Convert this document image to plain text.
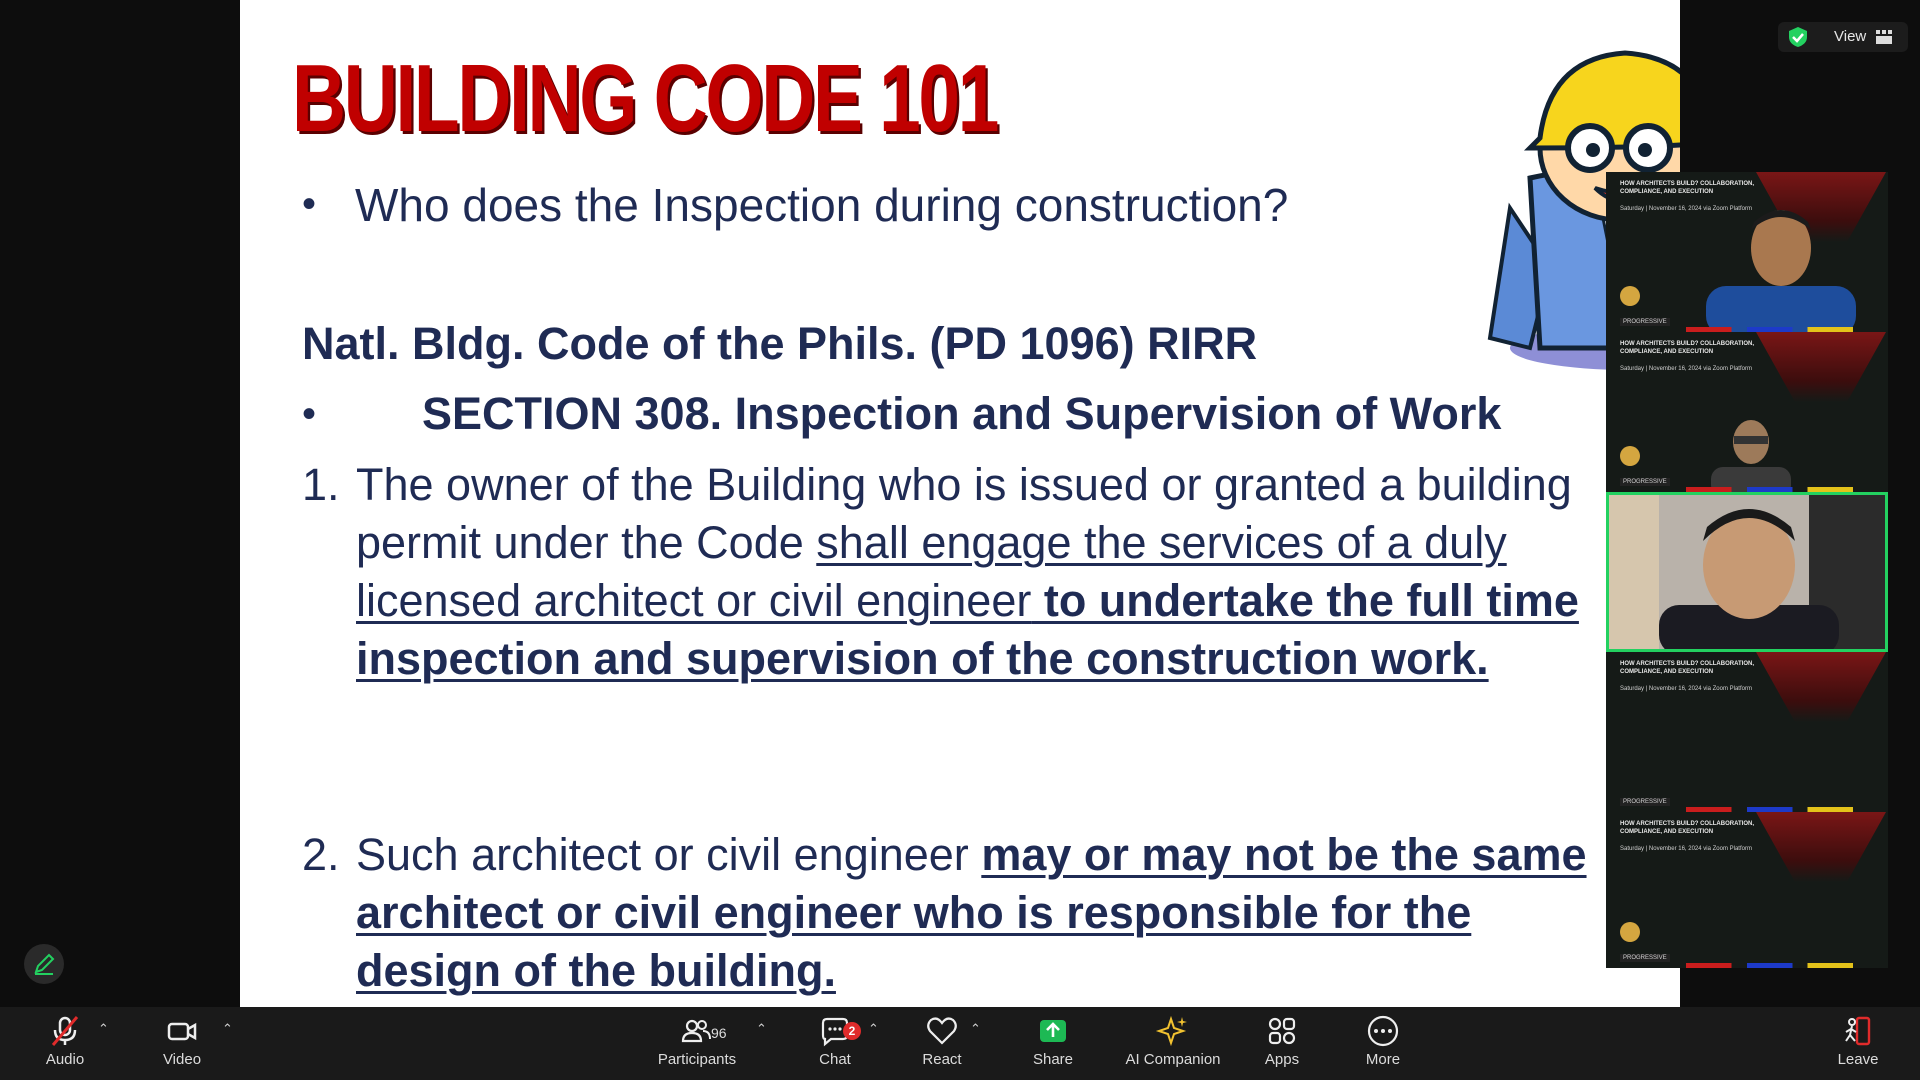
BUILDING CODE 101
• Who does the Inspection during construction?
Natl. Bldg. Code of the Phils. (PD 1096) RIRR
• SECTION 308. Inspection and Supervision of Work
1. The owner of the Building who is issued or granted a building permit under the Code shall engage the services of a duly licensed architect or civil engineer to undertake the full time inspection and supervision of the construction work.
2. Such architect or civil engineer may or may not be the same architect or civil engineer who is responsible for the design of the building.
View
HOW ARCHITECTS BUILD? COLLABORATION, COMPLIANCE, AND EXECUTION
Saturday | November 16, 2024 via Zoom Platform
PROGRESSIVE
HOW ARCHITECTS BUILD? COLLABORATION, COMPLIANCE, AND EXECUTION
Saturday | November 16, 2024 via Zoom Platform
PROGRESSIVE
HOW ARCHITECTS BUILD? COLLABORATION, COMPLIANCE, AND EXECUTION
Saturday | November 16, 2024 via Zoom Platform
PROGRESSIVE
HOW ARCHITECTS BUILD? COLLABORATION, COMPLIANCE, AND EXECUTION
Saturday | November 16, 2024 via Zoom Platform
PROGRESSIVE
Audio
⌃
Video
⌃	96
Participants
⌃	2
Chat
⌃
React
⌃
Share	AI Companion	Apps	More	Leave
